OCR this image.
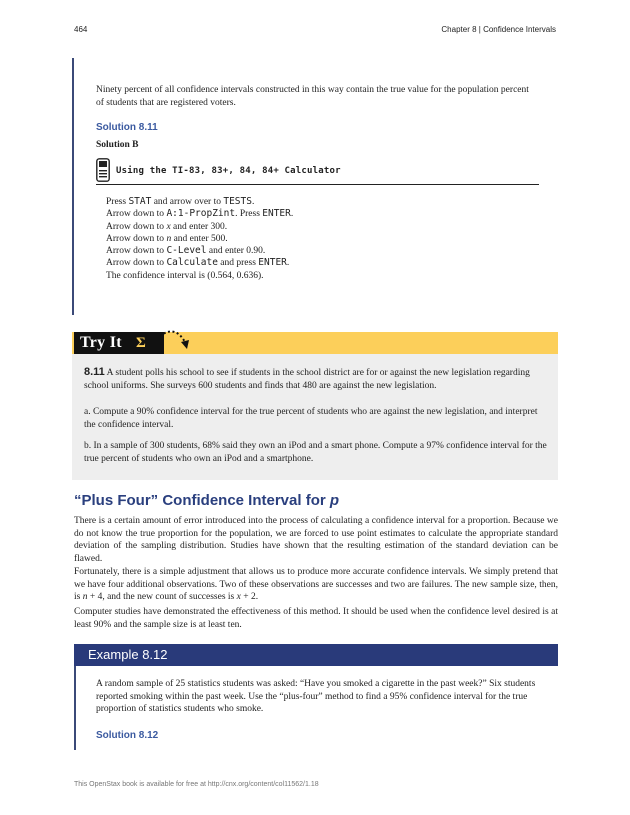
464	Chapter 8 | Confidence Intervals
Ninety percent of all confidence intervals constructed in this way contain the true value for the population percent of students that are registered voters.
Solution 8.11
Solution B
Using the TI-83, 83+, 84, 84+ Calculator
Press STAT and arrow over to TESTS.
Arrow down to A:1-PropZint. Press ENTER.
Arrow down to x and enter 300.
Arrow down to n and enter 500.
Arrow down to C-Level and enter 0.90.
Arrow down to Calculate and press ENTER.
The confidence interval is (0.564, 0.636).
Try It Σ
8.11 A student polls his school to see if students in the school district are for or against the new legislation regarding school uniforms. She surveys 600 students and finds that 480 are against the new legislation.
a. Compute a 90% confidence interval for the true percent of students who are against the new legislation, and interpret the confidence interval.
b. In a sample of 300 students, 68% said they own an iPod and a smart phone. Compute a 97% confidence interval for the true percent of students who own an iPod and a smartphone.
“Plus Four” Confidence Interval for p
There is a certain amount of error introduced into the process of calculating a confidence interval for a proportion. Because we do not know the true proportion for the population, we are forced to use point estimates to calculate the appropriate standard deviation of the sampling distribution. Studies have shown that the resulting estimation of the standard deviation can be flawed.
Fortunately, there is a simple adjustment that allows us to produce more accurate confidence intervals. We simply pretend that we have four additional observations. Two of these observations are successes and two are failures. The new sample size, then, is n + 4, and the new count of successes is x + 2.
Computer studies have demonstrated the effectiveness of this method. It should be used when the confidence level desired is at least 90% and the sample size is at least ten.
Example 8.12
A random sample of 25 statistics students was asked: “Have you smoked a cigarette in the past week?” Six students reported smoking within the past week. Use the “plus-four” method to find a 95% confidence interval for the true proportion of statistics students who smoke.
Solution 8.12
This OpenStax book is available for free at http://cnx.org/content/col11562/1.18
